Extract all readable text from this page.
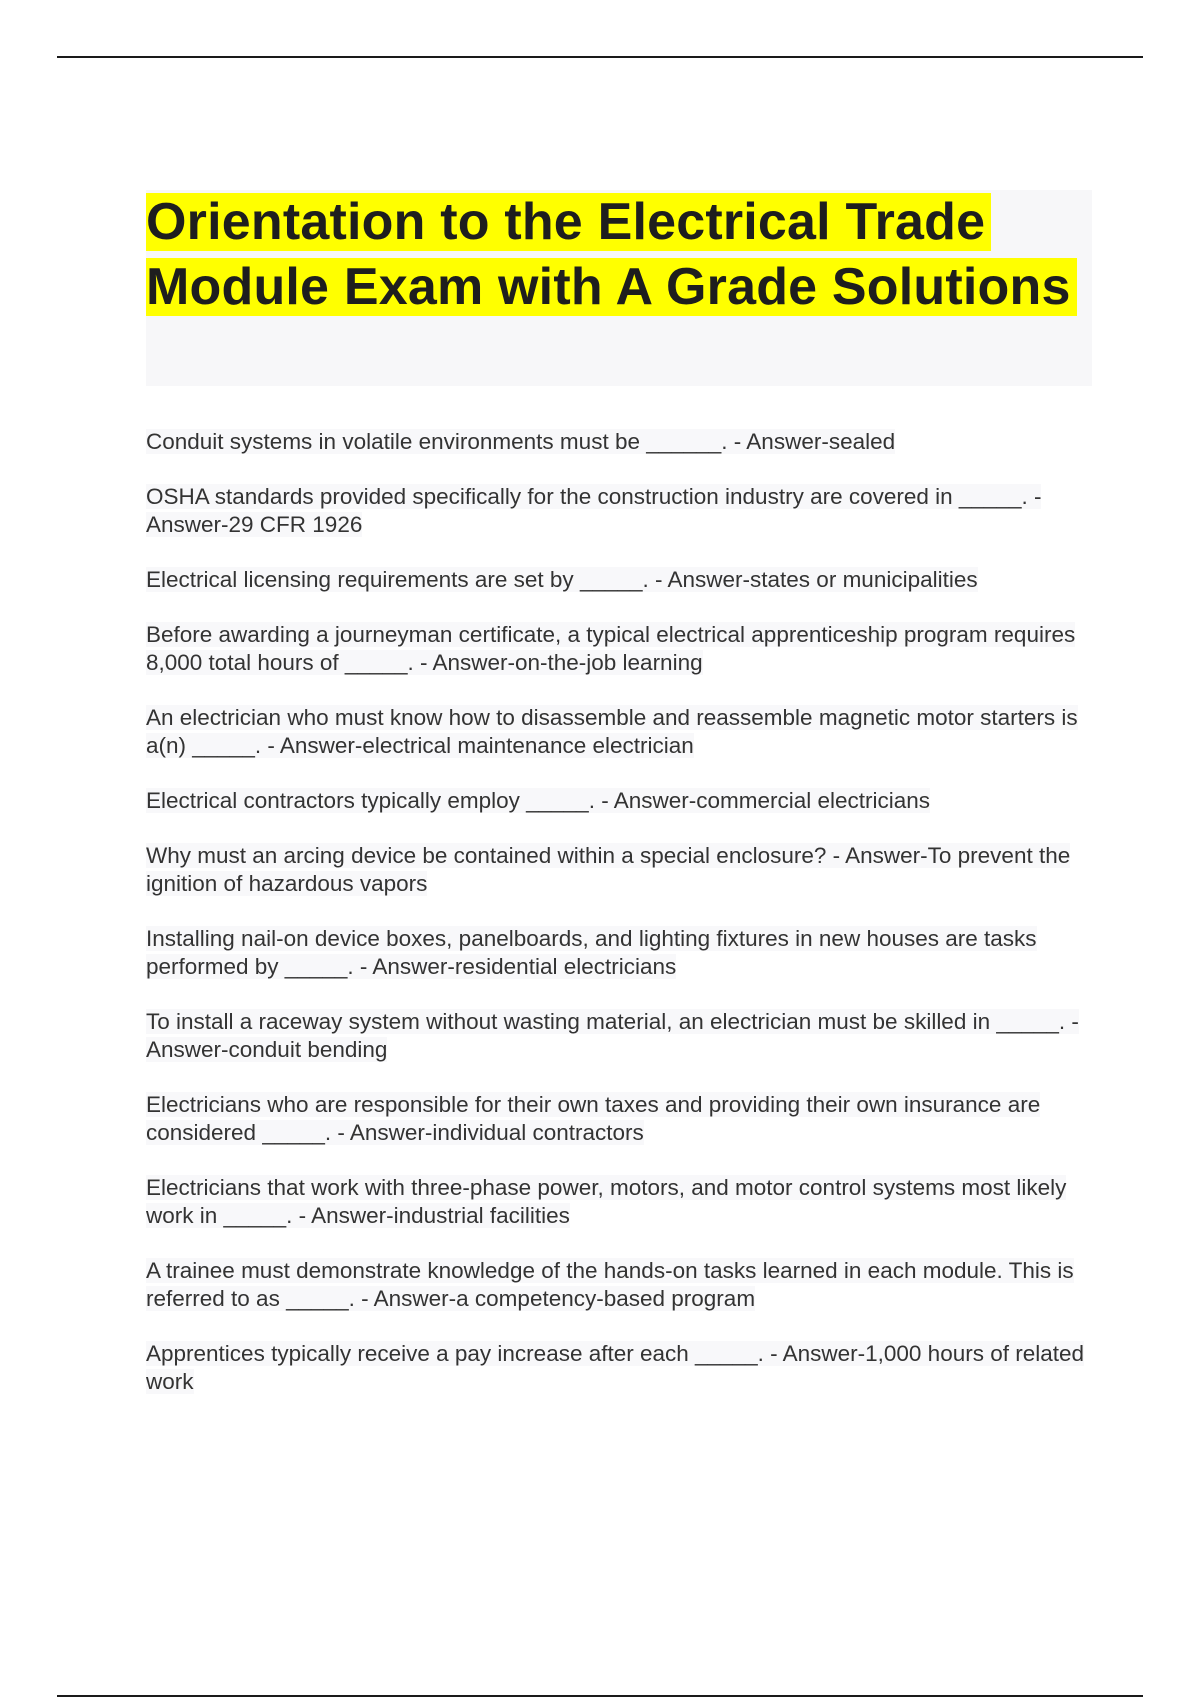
Orientation to the Electrical Trade Module Exam with A Grade Solutions
Conduit systems in volatile environments must be ______. - Answer-sealed
OSHA standards provided specifically for the construction industry are covered in _____. - Answer-29 CFR 1926
Electrical licensing requirements are set by _____. - Answer-states or municipalities
Before awarding a journeyman certificate, a typical electrical apprenticeship program requires 8,000 total hours of _____. - Answer-on-the-job learning
An electrician who must know how to disassemble and reassemble magnetic motor starters is a(n) _____. - Answer-electrical maintenance electrician
Electrical contractors typically employ _____. - Answer-commercial electricians
Why must an arcing device be contained within a special enclosure? - Answer-To prevent the ignition of hazardous vapors
Installing nail-on device boxes, panelboards, and lighting fixtures in new houses are tasks performed by _____. - Answer-residential electricians
To install a raceway system without wasting material, an electrician must be skilled in _____. - Answer-conduit bending
Electricians who are responsible for their own taxes and providing their own insurance are considered _____. - Answer-individual contractors
Electricians that work with three-phase power, motors, and motor control systems most likely work in _____. - Answer-industrial facilities
A trainee must demonstrate knowledge of the hands-on tasks learned in each module. This is referred to as _____. - Answer-a competency-based program
Apprentices typically receive a pay increase after each _____. - Answer-1,000 hours of related work
